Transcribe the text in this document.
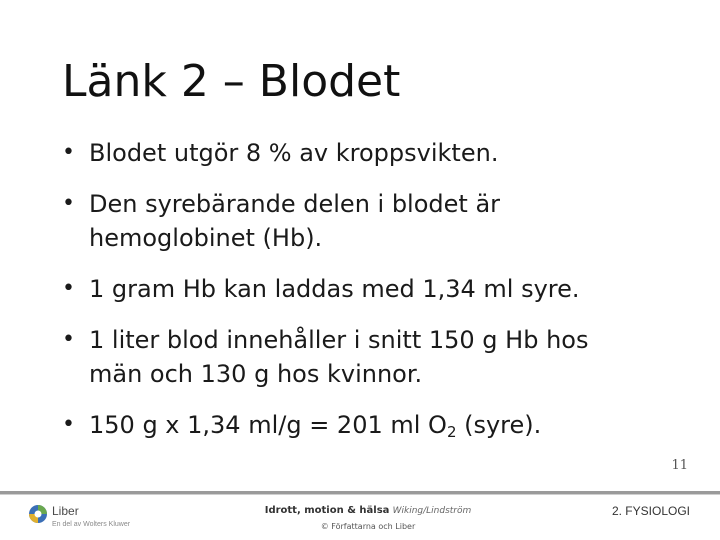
Länk 2 – Blodet
• Blodet utgör 8 % av kroppsvikten.
• Den syrebärande delen i blodet är
hemoglobinet (Hb).
• 1 gram Hb kan laddas med 1,34 ml syre.
• 1 liter blod innehåller i snitt 150 g Hb hos
män och 130 g hos kvinnor.
• 150 g x 1,34 ml/g = 201 ml $O_2$ (syre).
11
Liber
En del av Wolters Kluwer
Idrott, motion & hälsa Wiking/Lindström
© Författarna och Liber
2. FYSIOLOGI
